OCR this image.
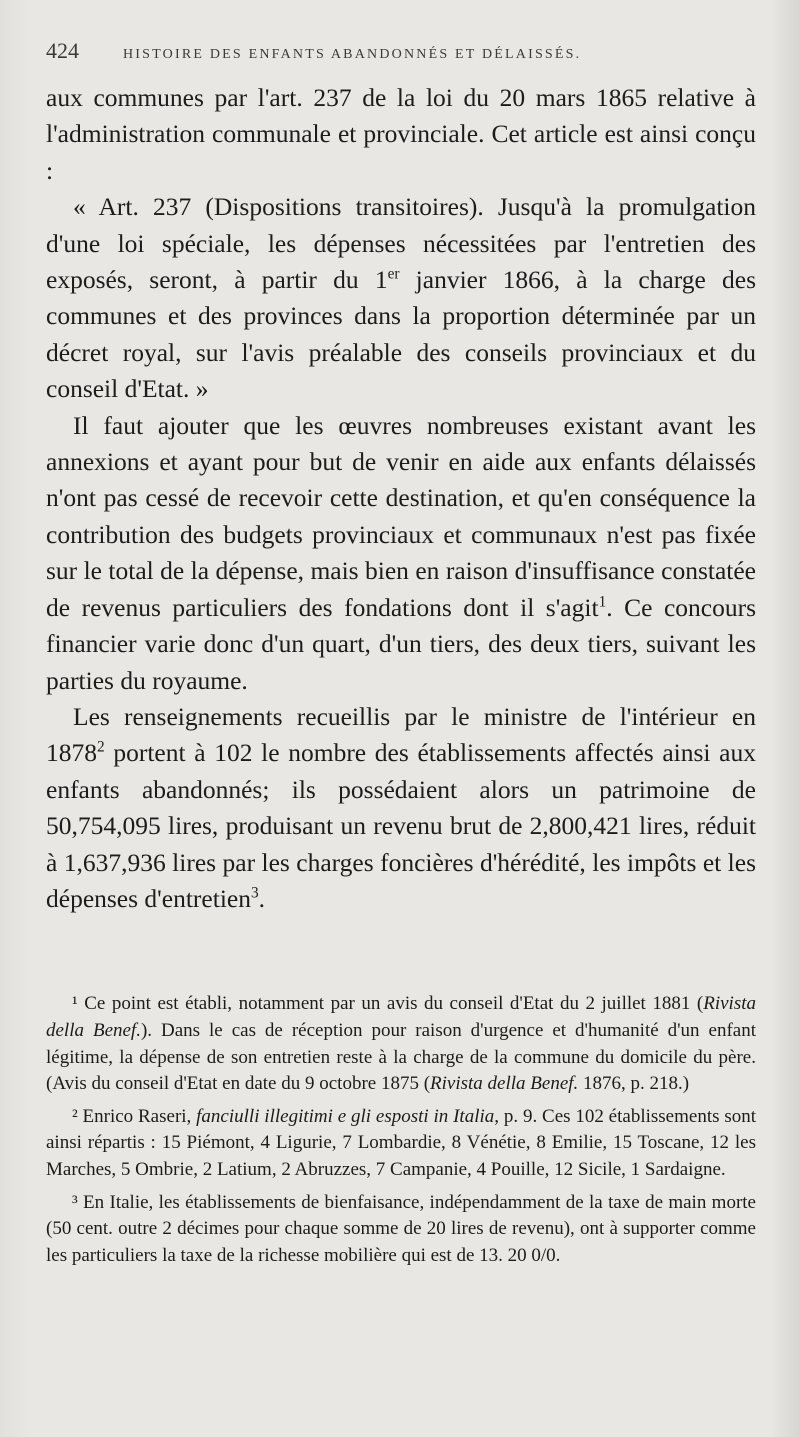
424	HISTOIRE DES ENFANTS ABANDONNÉS ET DÉLAISSÉS.

aux communes par l'art. 237 de la loi du 20 mars 1865 relative à l'administration communale et provinciale. Cet article est ainsi conçu :

« Art. 237 (Dispositions transitoires). Jusqu'à la promulgation d'une loi spéciale, les dépenses nécessitées par l'entretien des exposés, seront, à partir du 1er janvier 1866, à la charge des communes et des provinces dans la proportion déterminée par un décret royal, sur l'avis préalable des conseils provinciaux et du conseil d'Etat. »

Il faut ajouter que les œuvres nombreuses existant avant les annexions et ayant pour but de venir en aide aux enfants délaissés n'ont pas cessé de recevoir cette destination, et qu'en conséquence la contribution des budgets provinciaux et communaux n'est pas fixée sur le total de la dépense, mais bien en raison d'insuffisance constatée de revenus particuliers des fondations dont il s'agit$^1$. Ce concours financier varie donc d'un quart, d'un tiers, des deux tiers, suivant les parties du royaume.

Les renseignements recueillis par le ministre de l'intérieur en 1878$^2$ portent à 102 le nombre des établissements affectés ainsi aux enfants abandonnés; ils possédaient alors un patrimoine de 50,754,095 lires, produisant un revenu brut de 2,800,421 lires, réduit à 1,637,936 lires par les charges foncières d'hérédité, les impôts et les dépenses d'entretien$^3$.

¹ Ce point est établi, notamment par un avis du conseil d'Etat du 2 juillet 1881 (Rivista della Benef.). Dans le cas de réception pour raison d'urgence et d'humanité d'un enfant légitime, la dépense de son entretien reste à la charge de la commune du domicile du père. (Avis du conseil d'Etat en date du 9 octobre 1875 (Rivista della Benef. 1876, p. 218.)

² Enrico Raseri, fanciulli illegitimi e gli esposti in Italia, p. 9. Ces 102 établissements sont ainsi répartis : 15 Piémont, 4 Ligurie, 7 Lombardie, 8 Vénétie, 8 Emilie, 15 Toscane, 12 les Marches, 5 Ombrie, 2 Latium, 2 Abruzzes, 7 Campanie, 4 Pouille, 12 Sicile, 1 Sardaigne.

³ En Italie, les établissements de bienfaisance, indépendamment de la taxe de main morte (50 cent. outre 2 décimes pour chaque somme de 20 lires de revenu), ont à supporter comme les particuliers la taxe de la richesse mobilière qui est de 13. 20 0/0.
